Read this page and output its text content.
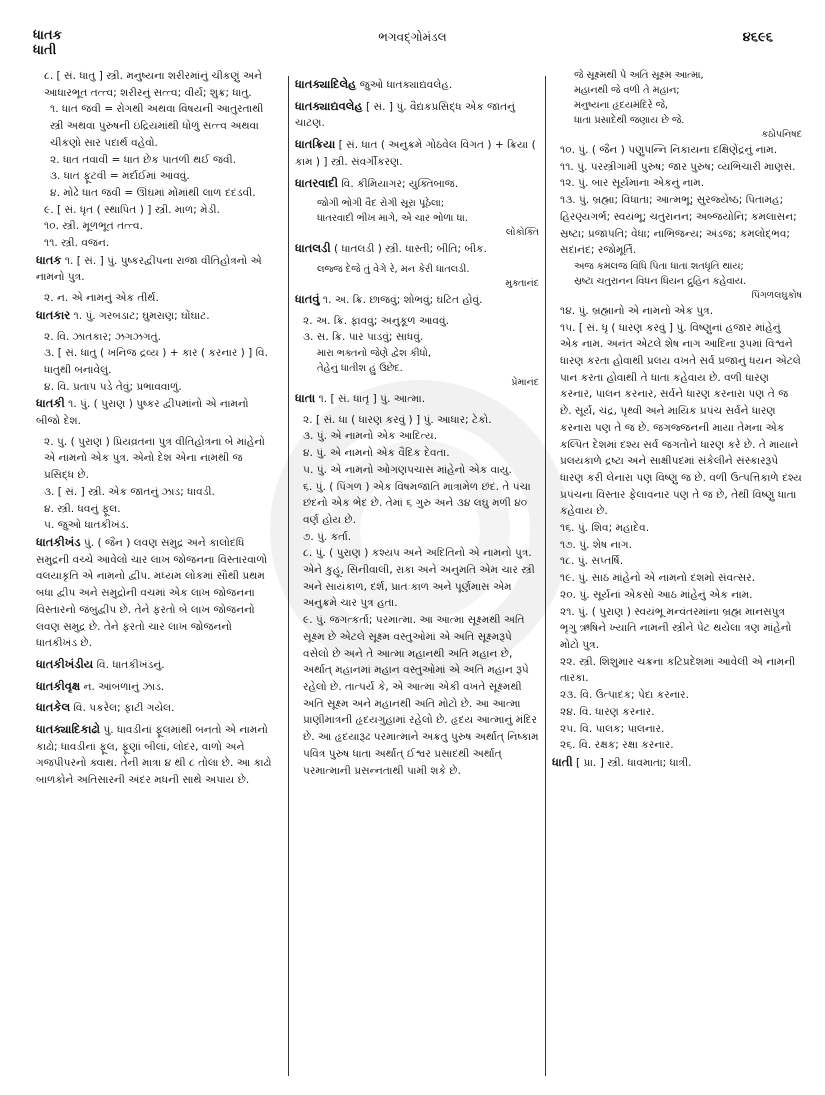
ધાતક
ધાતી
ભગવદ્ગોમંડલ	૪૬૯૬
૮. [ સં. ધાતુ ] સ્ત્રી. મનુષ્યના શરીરમાંનું ચીકણું અને આધારભૂત તત્ત્વ; શરીરનું સત્ત્વ; વીર્ય; શુક્ર; ધાતુ.
૧. ધાત જવી = રોગથી અથવા વિષયની આતુરતાથી સ્ત્રી અથવા પુરુષની ઇંદ્રિયમાંથી ધોળું સત્ત્વ અથવા ચીકણો સાર પદાર્થ વહેવો.
૨. ધાત તવાવી = ધાત છેક પાતળી થઈ જવી.
૩. ધાત ફૂટવી = મર્દાઈમાં આવવું.
૪. મોઢે ધાત જવી = ઊંઘમાં મોંમાંથી લાળ દદડવી.
૯. [ સં. ધૃત ( સ્થાપિત ) ] સ્ત્રી. માળ; મેડી.
૧૦. સ્ત્રી. મૂળભૂત તત્ત્વ.
૧૧. સ્ત્રી. વજન.
ધાતક ૧. [ સં. ] પું. પુષ્કરદ્વીપના રાજા વીતિહોત્રનો એ નામનો પુત્ર.
૨. ન. એ નામનું એક તીર્થ.
ધાતકાર ૧. પું. ગરબડાટ; ઘુમરાણ; ઘોંઘાટ.
૨. વિ. ઝાતકાર; ઝગઝગતું.
૩. [ સં. ધાતુ ( ખનિજ દ્રવ્ય ) + કાર ( કરનાર ) ] વિ. ધાતુથી બનાવેલું.
૪. વિ. પ્રતાપ પડે તેવું; પ્રભાવવાળું.
ધાતકી ૧. પું. ( પુરાણ ) પુષ્કર દ્વીપમાંનો એ નામનો બીજો દેશ.
૨. પું. ( પુરાણ ) પ્રિયવ્રતના પુત્ર વીતિહોત્રના બે માંહેનો એ નામનો એક પુત્ર. એનો દેશ એના નામથી જ પ્રસિદ્ધ છે.
૩. [ સં. ] સ્ત્રી. એક જાતનું ઝાડ; ધાવડી.
૪. સ્ત્રી. ધવનું ફૂલ.
૫. જુઓ ધાતકીખંડ.
ધાતકીખંડ પું. ( જૈન ) લવણ સમુદ્ર અને કાલોદધિ સમુદ્રની વચ્ચે આવેલો ચાર લાખ જોજનના વિસ્તારવાળો વલયાકૃતિ એ નામનો દ્વીપ. મધ્યમ લોકમાં સૌથી પ્રથમ બધા દ્વીપ અને સમુદ્રોની વચમાં એક લાખ જોજનના વિસ્તારનો જંબુદ્વીપ છે. તેને ફરતો બે લાખ જોજનનો લવણ સમુદ્ર છે. તેને ફરતો ચાર લાખ જોજનનો ધાતકીખંડ છે.
ધાતકીખંડીય વિ. ધાતકીખંડનું.
ધાતકીવૃક્ષ ન. આંબળાનું ઝાડ.
ધાતકેલ વિ. પકરેલ; ફાટી ગયેલ.
ધાતક્યાદિકાઢો પું. ધાવડીનાં ફૂલમાંથી બનતો એ નામનો કાઢો; ધાવડીનાં ફૂલ, ફૂણાં બીલાં, લોદર, વાળો અને ગજપીપરનો ક્વાથ. તેની માત્રા ૪ થી ૮ તોલા છે. આ કાઢો બાળકોને અતિસારની અંદર મધની સાથે અપાય છે.
ધાતક્યાદિલેહ જુઓ ધાતક્યાદ્યવલેહ.
ધાતક્યાદ્યવલેહ [ સં. ] પું. વૈદ્યકપ્રસિદ્ધ એક જાતનું ચાટણ.
ધાતક્રિયા [ સં. ધાત ( અનુક્રમે ગોઠવેલ વિગત ) + ક્રિયા ( કામ ) ] સ્ત્રી. સંવર્ગીકરણ.
ધાતરવાદી વિ. કીમિયાગર; યુક્તિબાજ.
જોગી ભોગી વૈદ રોગી સૂરા પૂઠેલા;
ધાતરવાદી ભીખ માગે, એ ચાર ભોળા ધા.
લોકોક્તિ
ધાતલડી ( ધાતલડી ) સ્ત્રી. ધાસ્તી; બીતિ; બીક.
લજ્જ દેજે તું વેગે રે, મન કેરી ધાતલડી.
મુક્તાનંદ
ધાતવું ૧. અ. ક્રિ. છાજવું; શોભવું; ઘટિત હોવું.
૨. અ. ક્રિ. ફાવવું; અનુકૂળ આવવું.
૩. સ. ક્રિ. પાર પાડવું; સાધવું.
મારા ભક્તનો જેણે દ્વેશ કીધો,
તેહેનું ધાતીશ હું ઉછેદ.
પ્રેમાનંદ
ધાતા ૧. [ સં. ધાતૃ ] પું. આત્મા.
૨. [ સં. ધા ( ધારણ કરવું ) ] પું. આધાર; ટેકો.
૩. પું. એ નામનો એક આદિત્ય.
૪. પું. એ નામનો એક વૈદિક દેવતા.
૫. પું. એ નામનો ઓગણપચાસ માંહેનો એક વાયુ.
૬. પું. ( પિંગળ ) એક વિષમજાતિ માત્રામેળ છંદ. તે પંચા છંદનો એક ભેદ છે. તેમાં ૬ ગુરુ અને ૩૪ લઘુ મળી ૪૦ વર્ણ હોય છે.
૭. પું. કર્તા.
૮. પું. ( પુરાણ ) કશ્યપ અને અદિતિનો એ નામનો પુત્ર. એને કુહૂ, સિનીવાલી, રાકા અને અનુમતિ એમ ચાર સ્ત્રી અને સાયંકાળ, દર્શ, પ્રાતઃકાળ અને પૂર્ણમાસ એમ અનુક્રમે ચાર પુત્ર હતા.
૯. પું. જગત્કર્તા; પરમાત્મા. આ આત્મા સૂક્ષ્મથી અતિ સૂક્ષ્મ છે એટલે સૂક્ષ્મ વસ્તુઓમાં એ અતિ સૂક્ષ્મરૂપે વસેલો છે અને તે આત્મા મહાનથી અતિ મહાન છે, અર્થાત્ મહાનમાં મહાન વસ્તુઓમાં એ અતિ મહાન રૂપે રહેલો છે. તાત્પર્ય કે, એ આત્મા એકી વખતે સૂક્ષ્મથી અતિ સૂક્ષ્મ અને મહાનથી અતિ મોટો છે. આ આત્મા પ્રાણીમાત્રની હૃદયગુહામાં રહેલો છે. હૃદય આત્માનું મંદિર છે. આ હૃદયારૂઢ પરમાત્માને અક્રતુ પુરુષ અર્થાત્ નિષ્કામ પવિત્ર પુરુષ ધાતા અર્થાત્ ઈશ્વર પ્રસાદથી અર્થાત્ પરમાત્માની પ્રસન્નતાથી પામી શકે છે.
જે સૂક્ષ્મથી પે અતિ સૂક્ષ્મ આત્મા,
મહાનથી જે વળી તે મહાન;
મનુષ્યના હૃદયમંદિરે જે,
ધાતા પ્રસાદેથી જણાય છે જે.
કઠોપનિષદ
૧૦. પું. ( જૈન ) પણુપન્નિ નિકાયના દક્ષિણેંદ્રનું નામ.
૧૧. પું. પરસ્ત્રીગામી પુરુષ; જાર પુરુષ; વ્યભિચારી માણસ.
૧૨. પું. બાર સૂર્યમાંના એકનું નામ.
૧૩. પું. બ્રહ્મા; વિધાતા; આત્મભૂ; સુરજ્યેષ્ઠ; પિતામહ; હિરણ્યગર્ભ; સ્વયંભૂ; ચતુરાનન; અબ્જયોનિ; કમલાસન; સ્રષ્ટા; પ્રજાપતિ; વેધા; નાભિજન્ય; અંડજ; કમલોદ્ભવ; સદાનંદ; રજોમૂર્તિ.
અજ કમલજ વિધિ પિતા ધાતા શતધૃતિ થાય;
સ્રષ્ટા ચતુરાનન વિધન ધિયન દ્રુહિન કહેવાય.
પિંગળલઘુકોષ
૧૪. પું. બ્રહ્માનો એ નામનો એક પુત્ર.
૧૫. [ સં. ધૃ ( ધારણ કરવું ] પું. વિષ્ણુનાં હજાર માંહેનું એક નામ. અનંત એટલે શેષ નાગ આદિના રૂપમાં વિશ્વને ધારણ કરતા હોવાથી પ્રલય વખતે સર્વ પ્રજાનું ધયન એટલે પાન કરતા હોવાથી તે ધાતા કહેવાય છે. વળી ધારણ કરનાર, પાલન કરનાર, સર્વને ધારણ કરનારા પણ તે જ છે. સૂર્ય, ચંદ્ર, પૃથ્વી અને માયિક પ્રપંચ સર્વને ધારણ કરનારા પણ તે જ છે. જગજ્જનની માયા તેમના એક કલ્પિત દેશમાં દશ્ય સર્વ જગતોને ધારણ કરે છે. તે માયાને પ્રલયકાળે દ્રષ્ટા અને સાક્ષીપદમાં સંકેલીને સંસ્કારરૂપે ધારણ કરી લેનારા પણ વિષ્ણુ જ છે. વળી ઉત્પત્તિકાળે દશ્ય પ્રપંચના વિસ્તાર ફેલાવનાર પણ તે જ છે, તેથી વિષ્ણુ ધાતા કહેવાય છે.
૧૬. પું. શિવ; મહાદેવ.
૧૭. પું. શેષ નાગ.
૧૮. પું. સપ્તર્ષિ.
૧૯. પું. સાઠ માંહેનો એ નામનો દશમો સંવત્સર.
૨૦. પું. સૂર્યનાં એકસો આઠ માંહેનું એક નામ.
૨૧. પું. ( પુરાણ ) સ્વયંભૂ મન્વંતરમાંના બ્રહ્મ માનસપુત્ર ભૃગુ ઋષિને ખ્યાતિ નામની સ્ત્રીને પેટ થયેલા ત્રણ માંહેનો મોટો પુત્ર.
૨૨. સ્ત્રી. શિશુમાર ચક્રના કટિપ્રદેશમાં આવેલી એ નામની તારકા.
૨૩. વિ. ઉત્પાદક; પેદા કરનાર.
૨૪. વિ. ધારણ કરનાર.
૨૫. વિ. પાલક; પાલનાર.
૨૬. વિ. રક્ષક; રક્ષા કરનાર.
ધાતી [ પ્રા. ] સ્ત્રી. ધાવમાતા; ધાત્રી.
